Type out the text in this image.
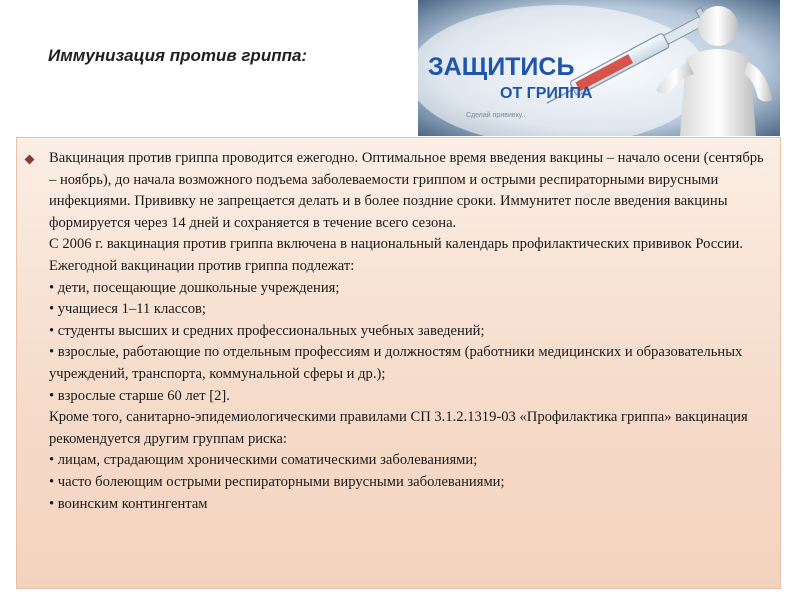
Иммунизация против гриппа:	ЗАЩИТИСЬ
ОТ ГРИППА
Сделай прививку..
Вакцинация против гриппа проводится ежегодно. Оптимальное время введения вакцины – начало осени (сентябрь – ноябрь), до начала возможного подъема заболеваемости гриппом и острыми респираторными вирусными инфекциями. Прививку не запрещается делать и в более поздние сроки. Иммунитет после введения вакцины формируется через 14 дней и сохраняется в течение всего сезона.
С 2006 г. вакцинация против гриппа включена в национальный календарь профилактических прививок России. Ежегодной вакцинации против гриппа подлежат:
• дети, посещающие дошкольные учреждения;
• учащиеся 1–11 классов;
• студенты высших и средних профессиональных учебных заведений;
• взрослые, работающие по отдельным профессиям и должностям (работники медицинских и образовательных учреждений, транспорта, коммунальной сферы и др.);
• взрослые старше 60 лет [2].
Кроме того, санитарно-эпидемиологическими правилами СП 3.1.2.1319-03 «Профилактика гриппа» вакцинация рекомендуется другим группам риска:
• лицам, страдающим хроническими соматическими заболеваниями;
• часто болеющим острыми респираторными вирусными заболеваниями;
• воинским контингентам
